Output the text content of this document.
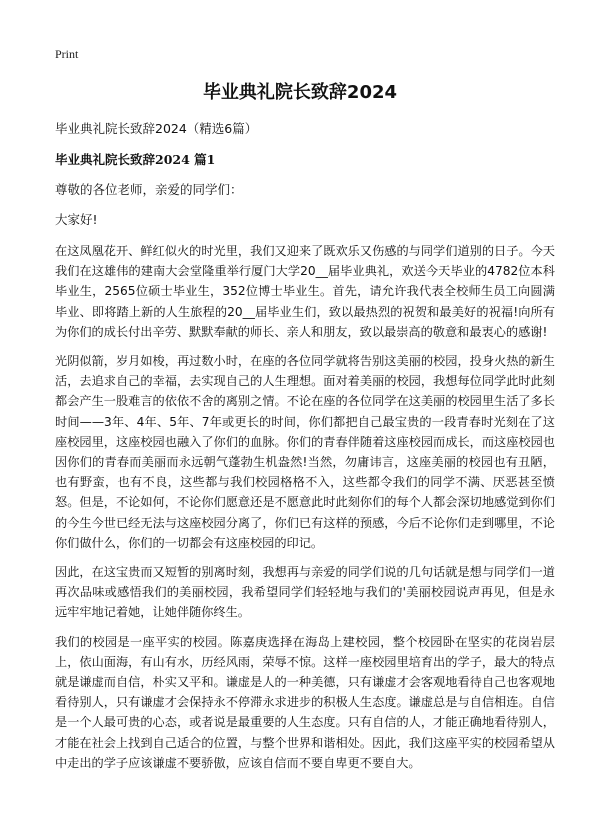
Print
毕业典礼院长致辞2024
毕业典礼院长致辞2024（精选6篇）
毕业典礼院长致辞2024 篇1
尊敬的各位老师，亲爱的同学们：
大家好!

在这凤凰花开、鲜红似火的时光里，我们又迎来了既欢乐又伤感的与同学们道别的日子。今天我们在这雄伟的建南大会堂隆重举行厦门大学20__届毕业典礼，欢送今天毕业的4782位本科毕业生，2565位硕士毕业生，352位博士毕业生。首先，请允许我代表全校师生员工向圆满毕业、即将踏上新的人生旅程的20__届毕业生们，致以最热烈的祝贺和最美好的祝福!向所有为你们的成长付出辛劳、默默奉献的师长、亲人和朋友，致以最崇高的敬意和最衷心的感谢!

光阴似箭，岁月如梭，再过数小时，在座的各位同学就将告别这美丽的校园，投身火热的新生活，去追求自己的幸福，去实现自己的人生理想。面对着美丽的校园，我想每位同学此时此刻都会产生一股难言的依依不舍的离别之情。不论在座的各位同学在这美丽的校园里生活了多长时间——3年、4年、5年、7年或更长的时间，你们都把自己最宝贵的一段青春时光刻在了这座校园里，这座校园也融入了你们的血脉。你们的青春伴随着这座校园而成长，而这座校园也因你们的青春而美丽而永远朝气蓬勃生机盎然!当然，勿庸讳言，这座美丽的校园也有丑陋，也有野蛮，也有不良，这些都与我们校园格格不入，这些都令我们的同学不满、厌恶甚至愤怒。但是，不论如何，不论你们愿意还是不愿意此时此刻你们的每个人都会深切地感觉到你们的今生今世已经无法与这座校园分离了，你们已有这样的预感，今后不论你们走到哪里，不论你们做什么，你们的一切都会有这座校园的印记。

因此，在这宝贵而又短暂的别离时刻，我想再与亲爱的同学们说的几句话就是想与同学们一道再次品味或感悟我们的美丽校园，我希望同学们轻轻地与我们的'美丽校园说声再见，但是永远牢牢地记着她，让她伴随你终生。

我们的校园是一座平实的校园。陈嘉庚选择在海岛上建校园，整个校园卧在坚实的花岗岩层上，依山面海，有山有水，历经风雨，荣辱不惊。这样一座校园里培育出的学子，最大的特点就是谦虚而自信，朴实又平和。谦虚是人的一种美德，只有谦虚才会客观地看待自己也客观地看待别人，只有谦虚才会保持永不停滞永求进步的积极人生态度。谦虚总是与自信相连。自信是一个人最可贵的心态，或者说是最重要的人生态度。只有自信的人，才能正确地看待别人，才能在社会上找到自己适合的位置，与整个世界和谐相处。因此，我们这座平实的校园希望从中走出的学子应该谦虚不要骄傲，应该自信而不要自卑更不要自大。
